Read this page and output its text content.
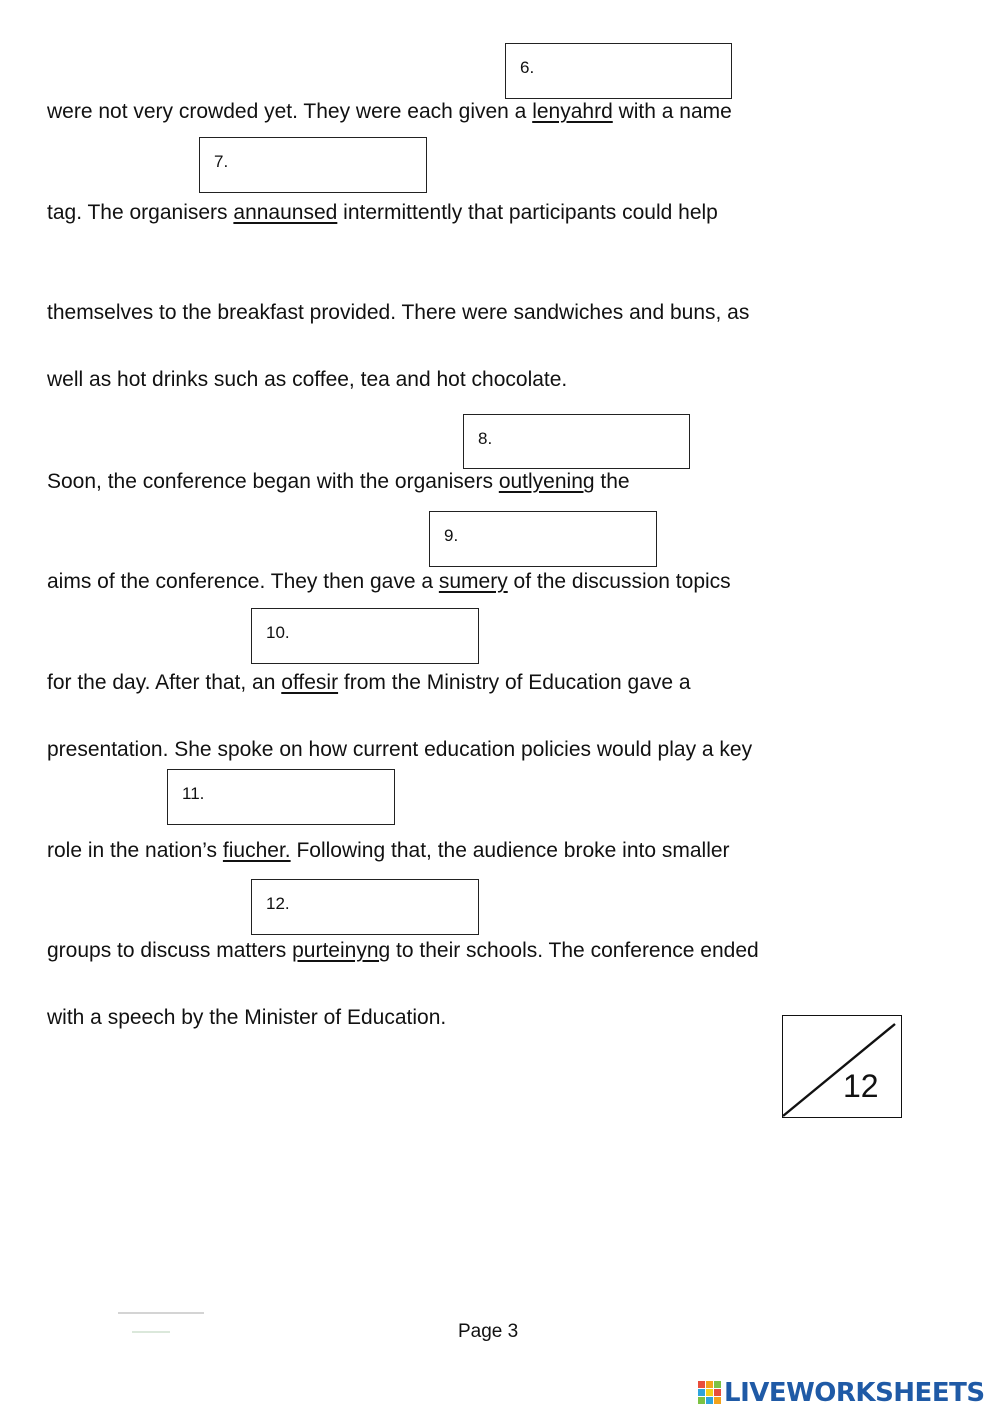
6.
7.
8.
9.
10.
11.
12.

were not very crowded yet. They were each given a lenyahrd with a name

tag. The organisers annaunsed intermittently that participants could help

themselves to the breakfast provided. There were sandwiches and buns, as

well as hot drinks such as coffee, tea and hot chocolate.

Soon, the conference began with the organisers outlyening the

aims of the conference. They then gave a sumery of the discussion topics

for the day. After that, an offesir from the Ministry of Education gave a

presentation. She spoke on how current education policies would play a key

role in the nation’s fiucher. Following that, the audience broke into smaller

groups to discuss matters purteinyng to their schools. The conference ended

with a speech by the Minister of Education.

12
Page 3
LIVEWORKSHEETS
